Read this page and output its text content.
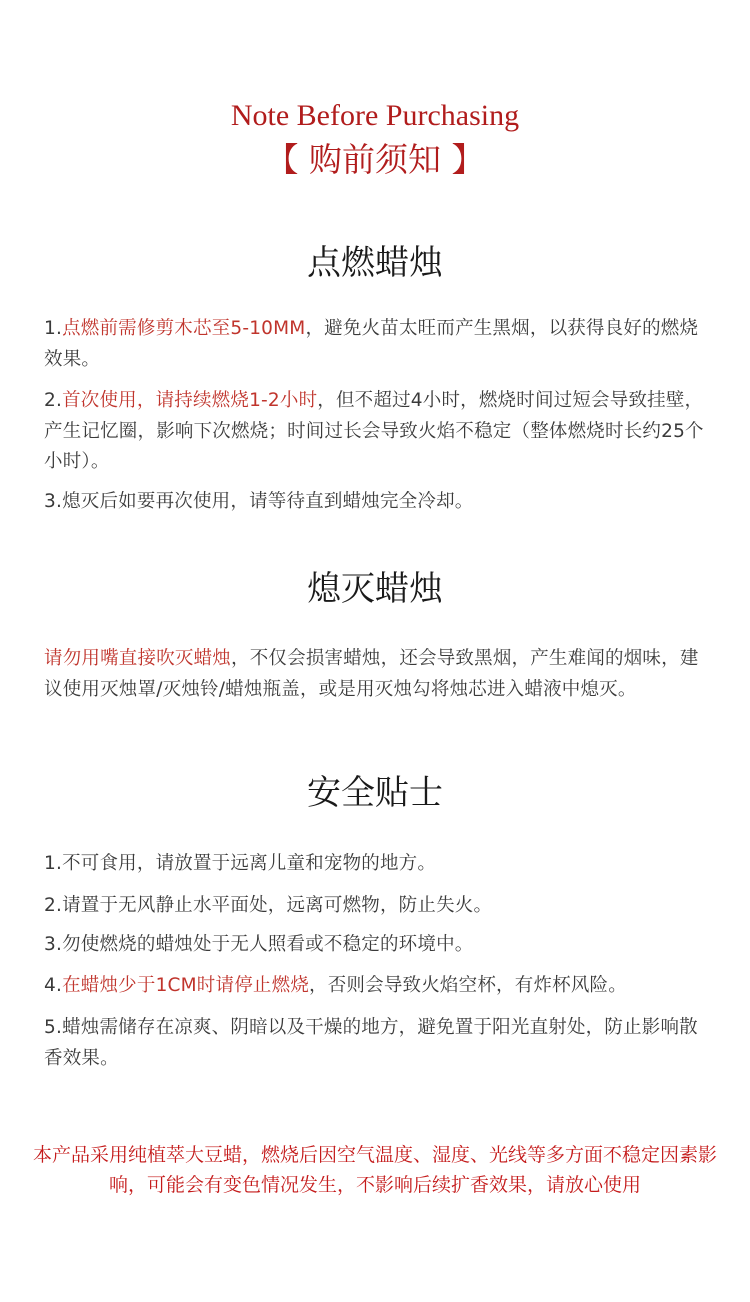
Note Before Purchasing
【 购前须知 】
点燃蜡烛
1.点燃前需修剪木芯至5-10MM，避免火苗太旺而产生黑烟，以获得良好的燃烧效果。
2.首次使用，请持续燃烧1-2小时，但不超过4小时，燃烧时间过短会导致挂壁，产生记忆圈，影响下次燃烧；时间过长会导致火焰不稳定（整体燃烧时长约25个小时）。
3.熄灭后如要再次使用，请等待直到蜡烛完全冷却。
熄灭蜡烛
请勿用嘴直接吹灭蜡烛，不仅会损害蜡烛，还会导致黑烟，产生难闻的烟味，建议使用灭烛罩/灭烛铃/蜡烛瓶盖，或是用灭烛勾将烛芯进入蜡液中熄灭。
安全贴士
1.不可食用，请放置于远离儿童和宠物的地方。
2.请置于无风静止水平面处，远离可燃物，防止失火。
3.勿使燃烧的蜡烛处于无人照看或不稳定的环境中。
4.在蜡烛少于1CM时请停止燃烧，否则会导致火焰空杯，有炸杯风险。
5.蜡烛需储存在凉爽、阴暗以及干燥的地方，避免置于阳光直射处，防止影响散香效果。
本产品采用纯植萃大豆蜡，燃烧后因空气温度、湿度、光线等多方面不稳定因素影响，可能会有变色情况发生，不影响后续扩香效果，请放心使用
